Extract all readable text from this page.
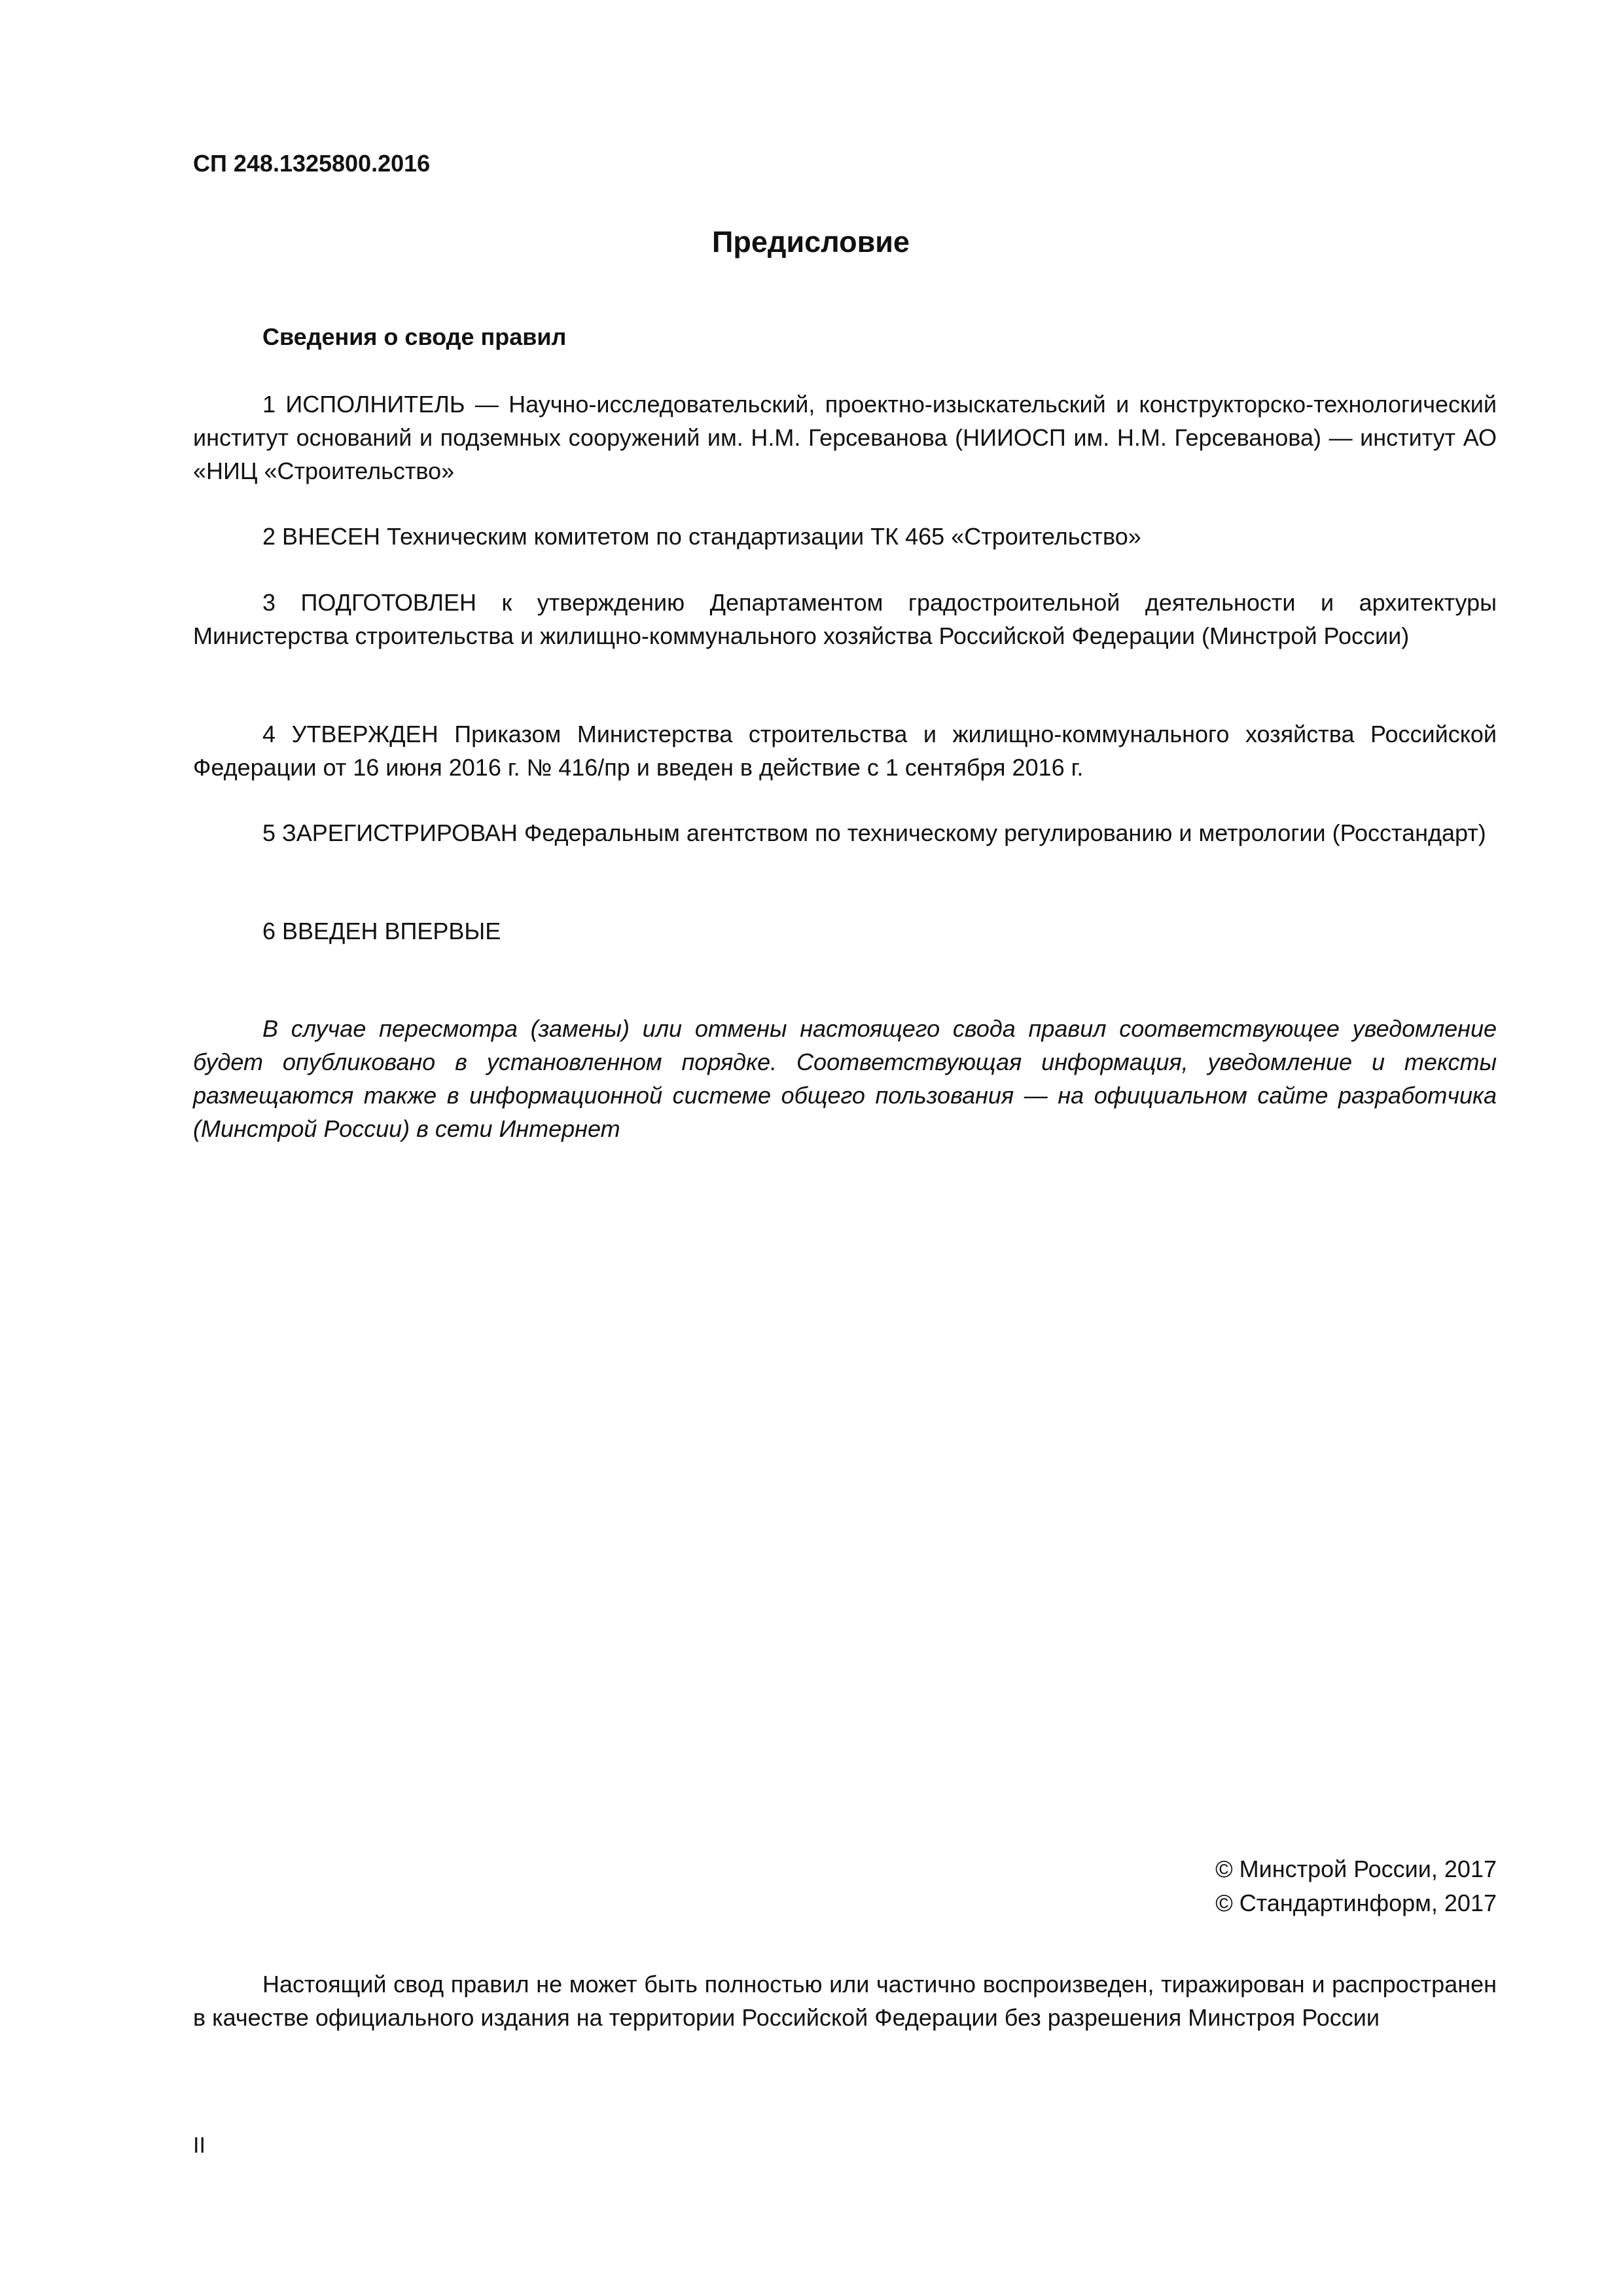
СП 248.1325800.2016
Предисловие
Сведения о своде правил

1 ИСПОЛНИТЕЛЬ — Научно-исследовательский, проектно-изыскательский и конструкторско-технологический институт оснований и подземных сооружений им. Н.М. Герсеванова (НИИОСП им. Н.М. Герсеванова) — институт АО «НИЦ «Строительство»

2 ВНЕСЕН Техническим комитетом по стандартизации ТК 465 «Строительство»

3 ПОДГОТОВЛЕН к утверждению Департаментом градостроительной деятельности и архитектуры Министерства строительства и жилищно-коммунального хозяйства Российской Федерации (Минстрой России)

4 УТВЕРЖДЕН Приказом Министерства строительства и жилищно-коммунального хозяйства Российской Федерации от 16 июня 2016 г. № 416/пр и введен в действие с 1 сентября 2016 г.

5 ЗАРЕГИСТРИРОВАН Федеральным агентством по техническому регулированию и метрологии (Росстандарт)

6 ВВЕДЕН ВПЕРВЫЕ

В случае пересмотра (замены) или отмены настоящего свода правил соответствующее уведомление будет опубликовано в установленном порядке. Соответствующая информация, уведомление и тексты размещаются также в информационной системе общего пользования — на официальном сайте разработчика (Минстрой России) в сети Интернет

© Минстрой России, 2017
© Стандартинформ, 2017

Настоящий свод правил не может быть полностью или частично воспроизведен, тиражирован и распространен в качестве официального издания на территории Российской Федерации без разрешения Минстроя России

II
